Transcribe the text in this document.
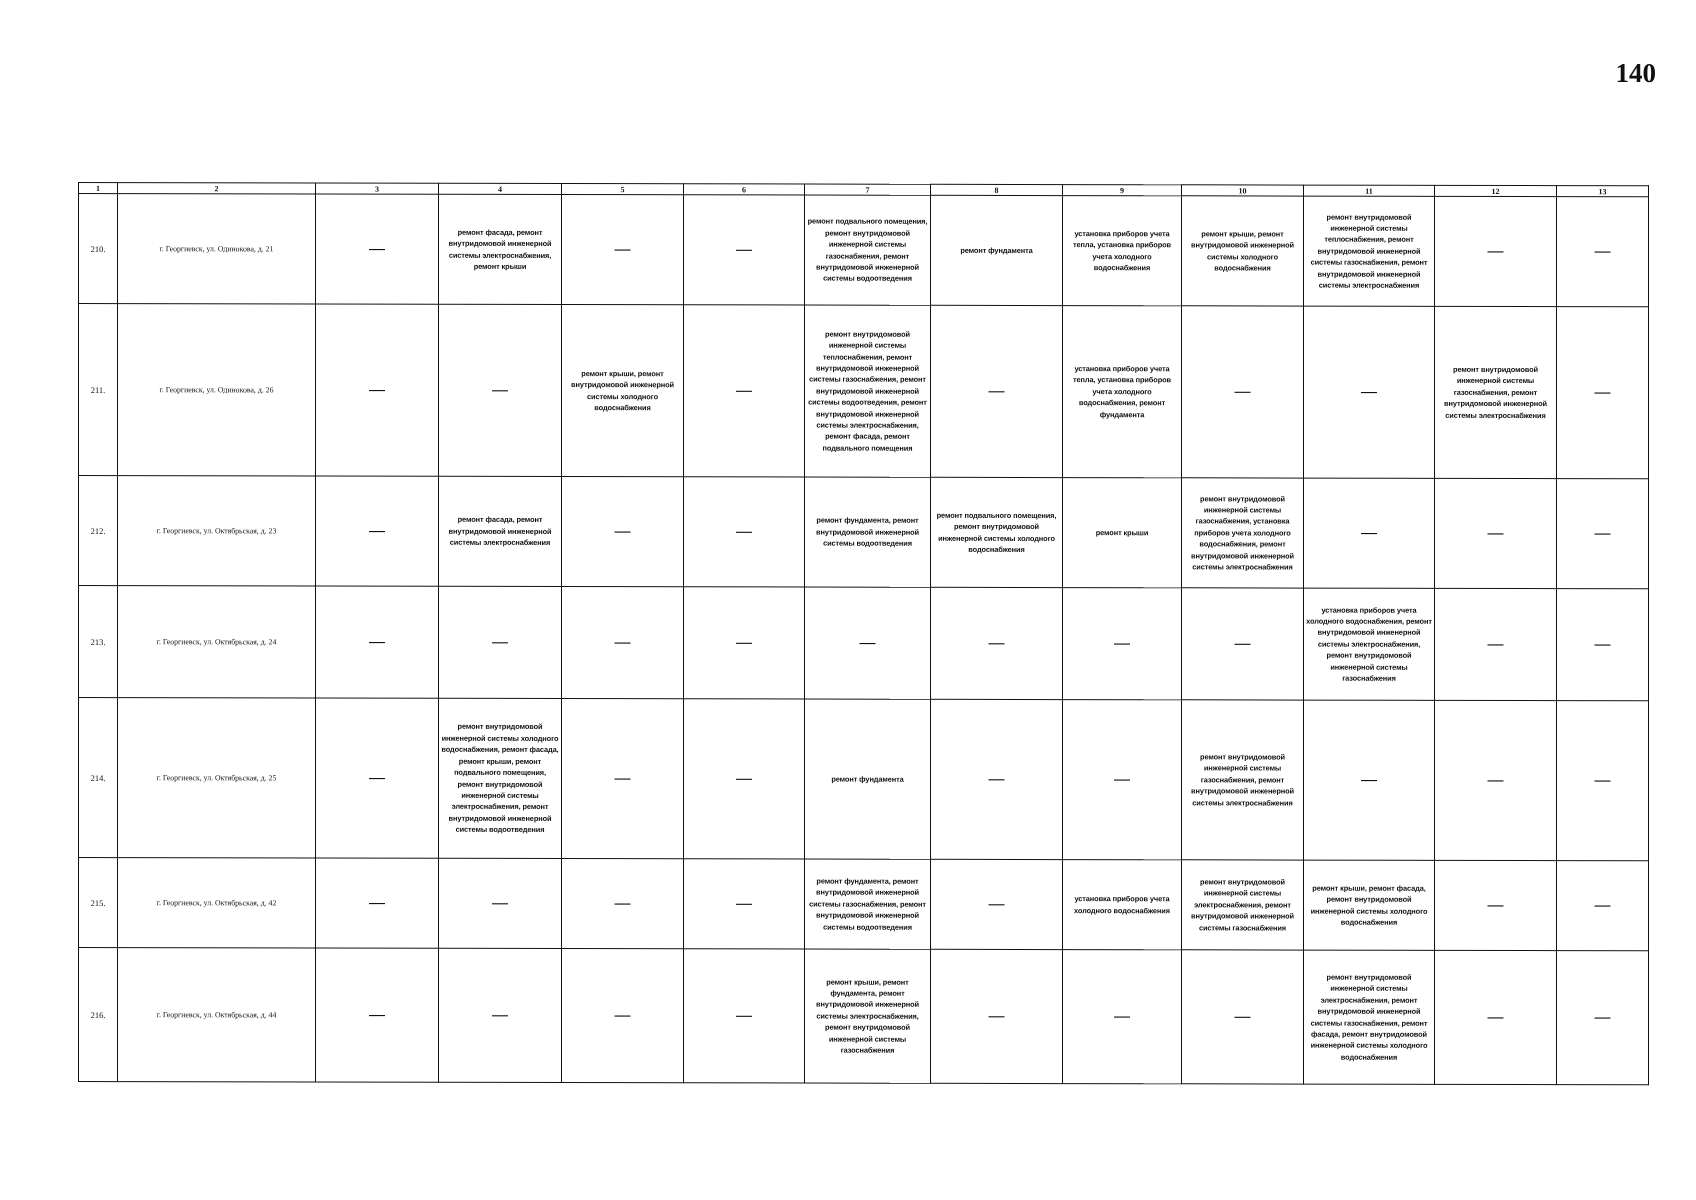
140
1	2	3	4	5	6	7	8	9	10	11	12	13
210.	г. Георгиевск, ул. Одинокова, д. 21	—	ремонт фасада, ремонт внутридомовой инженерной системы электроснабжения, ремонт крыши	—	—	ремонт подвального помещения, ремонт внутридомовой инженерной системы газоснабжения, ремонт внутридомовой инженерной системы водоотведения	ремонт фундамента	установка приборов учета тепла, установка приборов учета холодного водоснабжения	ремонт крыши, ремонт внутридомовой инженерной системы холодного водоснабжения	ремонт внутридомовой инженерной системы теплоснабжения, ремонт внутридомовой инженерной системы газоснабжения, ремонт внутридомовой инженерной системы электроснабжения	—	—
211.	г. Георгиевск, ул. Одинокова, д. 26	—	—	ремонт крыши, ремонт внутридомовой инженерной системы холодного водоснабжения	—	ремонт внутридомовой инженерной системы теплоснабжения, ремонт внутридомовой инженерной системы газоснабжения, ремонт внутридомовой инженерной системы водоотведения, ремонт внутридомовой инженерной системы электроснабжения, ремонт фасада, ремонт подвального помещения	—	установка приборов учета тепла, установка приборов учета холодного водоснабжения, ремонт фундамента	—	—	ремонт внутридомовой инженерной системы газоснабжения, ремонт внутридомовой инженерной системы электроснабжения	—
212.	г. Георгиевск, ул. Октябрьская, д. 23	—	ремонт фасада, ремонт внутридомовой инженерной системы электроснабжения	—	—	ремонт фундамента, ремонт внутридомовой инженерной системы водоотведения	ремонт подвального помещения, ремонт внутридомовой инженерной системы холодного водоснабжения	ремонт крыши	ремонт внутридомовой инженерной системы газоснабжения, установка приборов учета холодного водоснабжения, ремонт внутридомовой инженерной системы электроснабжения	—	—	—
213.	г. Георгиевск, ул. Октябрьская, д. 24	—	—	—	—	—	—	—	—	установка приборов учета холодного водоснабжения, ремонт внутридомовой инженерной системы электроснабжения, ремонт внутридомовой инженерной системы газоснабжения	—	—
214.	г. Георгиевск, ул. Октябрьская, д. 25	—	ремонт внутридомовой инженерной системы холодного водоснабжения, ремонт фасада, ремонт крыши, ремонт подвального помещения, ремонт внутридомовой инженерной системы электроснабжения, ремонт внутридомовой инженерной системы водоотведения	—	—	ремонт фундамента	—	—	ремонт внутридомовой инженерной системы газоснабжения, ремонт внутридомовой инженерной системы электроснабжения	—	—	—
215.	г. Георгиевск, ул. Октябрьская, д. 42	—	—	—	—	ремонт фундамента, ремонт внутридомовой инженерной системы газоснабжения, ремонт внутридомовой инженерной системы водоотведения	—	установка приборов учета холодного водоснабжения	ремонт внутридомовой инженерной системы электроснабжения, ремонт внутридомовой инженерной системы газоснабжения	ремонт крыши, ремонт фасада, ремонт внутридомовой инженерной системы холодного водоснабжения	—	—
216.	г. Георгиевск, ул. Октябрьская, д. 44	—	—	—	—	ремонт крыши, ремонт фундамента, ремонт внутридомовой инженерной системы электроснабжения, ремонт внутридомовой инженерной системы газоснабжения	—	—	—	ремонт внутридомовой инженерной системы электроснабжения, ремонт внутридомовой инженерной системы газоснабжения, ремонт фасада, ремонт внутридомовой инженерной системы холодного водоснабжения	—	—
